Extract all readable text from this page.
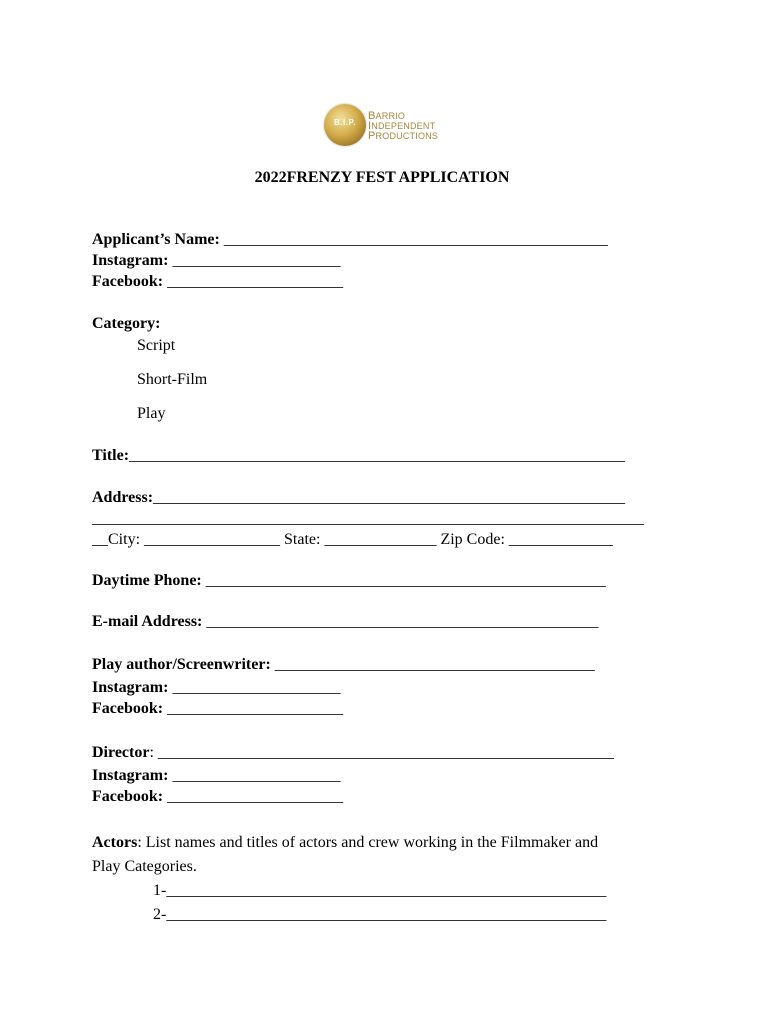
B.I.P.
BARRIO
INDEPENDENT
PRODUCTIONS
2022FRENZY FEST APPLICATION
Applicant’s Name: ________________________________________________
Instagram: _____________________
Facebook: ______________________
Category:
Script
Short-Film
Play
Title:______________________________________________________________
Address:___________________________________________________________
_____________________________________________________________________
__City: _________________ State: ______________ Zip Code: _____________
Daytime Phone: __________________________________________________
E-mail Address: _________________________________________________
Play author/Screenwriter: ________________________________________
Instagram: _____________________
Facebook: ______________________
Director: _________________________________________________________
Instagram: _____________________
Facebook: ______________________
Actors: List names and titles of actors and crew working in the Filmmaker and
Play Categories.
1-_______________________________________________________
2-_______________________________________________________
